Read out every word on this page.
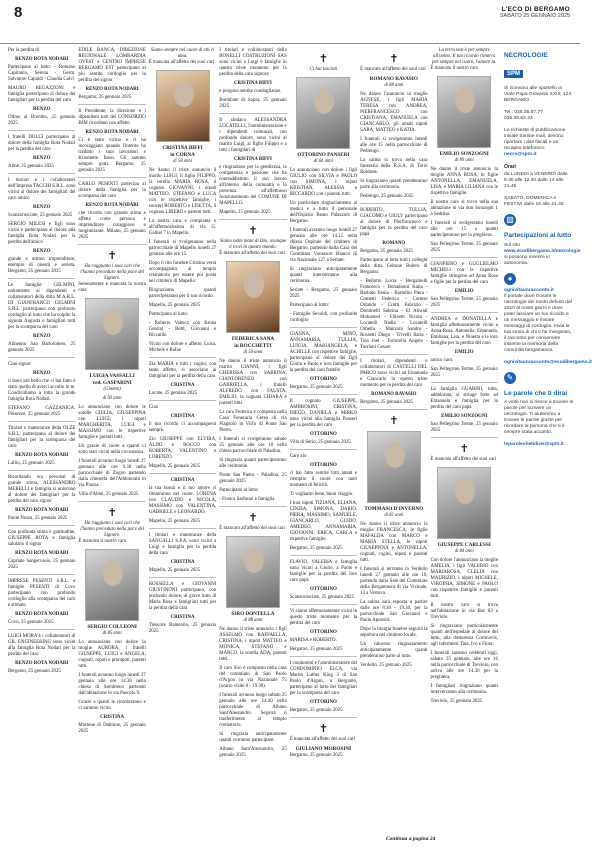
8	L'ECO DI BERGAMO
SABATO 25 GENNAIO 2025

Per la perdita di

RENZO ROTA NODARI

Partecipano al lutto: - Romano Capitanio, Serena - Gesm. Salvatore Capaldi - Claudia Calvi

MAURO REGAZZONI e famiglia partecipano al dolore dei famigliari per la perdita del caro

RENZO

Ollmo al Brembo, 25 gennaio 2025

I fratelli DOLCI partecipano al dolore della famiglia Rota Nodari per la perdita del caro

RENZO

Almè, 25 gennaio 2025

I titolari e i collaboratori dell'Impresa TACCHI S.R.L. sono vicini al dolore dei famigliari del caro amico

RENZO

Scanzorosciate, 25 gennaio 2025

SERGIO MILESI e figli sono vicini e partecipano al dolore alla famiglia Rota Nodari per la perdita dell'amico

RENZO

grande e ottimo imprenditore, esempio di onestà e serietà. Bergamo, 25 gennaio 2025

Le famiglie GELMINI, unitamente ai dipendenti e collaboratori della ditta M.A.R.L. DI GIANFRANCO GELMINI S.R.L. partecipano con profondo cordoglio al lutto che ha colpito la signora Augusta e famigliari tutti per la scomparsa del caro

RENZO

Almenno San Bartolomeo, 25 gennaio 2025

Ciao signor

RENZO

il dono più bello che ci hai fatto è stato quello di averci accolto in te. Condividiamo a tutta la grande famiglia Rota Nodari.

STEFANO GAZZANIGA. Presezzo, 25 gennaio 2025

Titolari e maestranze della OLZE S.R.L. partecipano al dolore dei famigliari per la scomparsa del caro

RENZO ROTA NODARI

Lallio, 25 gennaio 2025

Ricordando ora personal di grande stima, ALESSANDRO MERELLI e famiglia si uniscono al dolore dei famigliari per la perdita del caro signor

RENZO ROTA NODARI

Ponte Nossa, 25 gennaio 2025

Con profonda stima e gratitudine, GIUSEPPE ROTA e famiglia salutano il signor

RENZO ROTA NODARI

Capriate Sangervasio, 25 gennaio 2025

IMPRESE PESENTI S.R.L. e famiglie PESENTI di Covo partecipano con profondo cordoglio alla scomparsa del caro e stimato

RENZO ROTA NODARI

Covo, 25 gennaio 2025

LUIGI MORA e i collaboratori di GIL ENGINEERING sono vicini alla famiglia Rota Nodari per la perdita del caro

RENZO ROTA NODARI

Bergamo, 25 gennaio 2025

EDILE BANCA, DIREZIONE REGIONALE LOMBARDIA OVEST e CENTRO IMPRESE BERGAMO EST partecipano al più sentito cordoglio per la perdita del signor

RENZO ROTA NODARI

Bergamo, 25 gennaio 2025

Il Presidente, la direzione e i dipendenti tutti del CONSORZIO BIM ricordano con affetto

RENZO ROTA NODARI

Ci è stato vicino e ci ha incoraggiato quando l'intento ha tradotto i suoi lavoratori e Kilometre fosso. Gli saremo sempre grati. Bergamo, 25 gennaio 2025

CARLO PESENTI partecipa al dolore della famiglia per la scomparsa del caro

RENZO ROTA NODARI

che ricorda con grande stima e affetto come persona e imprenditore coraggioso e lungimirante. Milano, 25 gennaio 2025

✝
Ha raggiunto i suoi cari che l'hanno preceduto nella pace del Signore.

Serenamente è mancata la nostra cara

LUIGIA VASSALLI
ved. GASPARINI
(Ginetta)
di 93 anni

Lo annunciano con dolore le sorelle GIULIA, GIUSEPPINA con LUIGI, i nipoti MARGHERITA, LUIGI e MASSIMO con le rispettive famiglie e parenti tutti.

Un grazie di cuore a quanti ci sono stati vicini nella circostanza.

I funerali avranno luogo lunedì 27 gennaio alle ore 9.30 nella parrocchiale di Zogno partendo dalla chiesetta dell'Addolorata in via Piazza.

Villa d'Almè, 25 gennaio 2025

✝
Ha raggiunto i suoi cari che l'hanno preceduto nella pace del Signore.

È mancato il nostro caro

SERGIO COLLEONI
di 85 anni

Lo annunciano con dolore la moglie AURORA, i fratelli GIUSEPPE, LUIGI e ANGELA, cognati, nipoti e pronipoti, parenti tutti.

I funerali avranno luogo lunedì 27 gennaio alle ore 14.30 nella chiesa di Sombreno partendo dall'abitazione in via Pascolo 9.

Grazie a quanti le ricorderanno e ci saranno vicini.

CRISTINA

Martone di Dalmine, 25 gennaio 2025

Siamo sempre nel cuore di chi ci ama.

È mancata all'affetto dei suoi cari

CRISTINA BIFFI
in CORNA
di 58 anni

Ne danno il triste annuncio il marito LUIGI, il figlio FILIPPO, la sorella MARIA ROSA, il cognato GIOVANNI, i nipoti MATTEO, STEFANO e LUCA con le rispettive famiglie, i suoceri ROBERTO e LISETTA, il cognato LIBERO e parenti tutti.

La nostra cara e compianta e all'affettuosissima di via G. Galilei 7 in Mapello.

I funerali si svolgeranno nella parrocchiale di Mapello lunedì 27 gennaio alle ore 15.

Dopo il rito funebre Cristina verrà accompagnata al tempio crematorio per essere poi posta nel cimitero di Mapello.

Ringraziamo quanti parteciperanno per il suo ricordo.

Mapello, 25 gennaio 2025

Partecipano al lutto:

- Roberto Vaitecz con Bruna Gentini - Bettì, Giovanni e Riccardo

Vicini con dolore e affetto, Luisa, Michele e Rafae

Zia MARIA e tutti i cugini, con tanto affetto, si associano ai famigliari per la perdita della cara

CRISTINA

Locate, 25 gennaio 2025

Ciao

CRISTINA

il tuo ricordo ci accompagnerà sempre.

Zio GIUSEPPE con ELVIRA, ALDO e ROCCO con ROBERTA, VALENTINO e LORENZO.

Mapello, 25 gennaio 2025

CRISTINA

la tua bontà e il tuo amore ci rimarranno nel cuore. LORENA con CLAUDIO e NICOLA, MASSIMO con VALENTINA, GABRIELE e LEONARDO.

Mapello, 25 gennaio 2025

I titolari e maestranze della SANGALLI S.P.A. sono vicini a Luigi e famiglia per la perdita della cara

CRISTINA

Mapello, 25 gennaio 2025

ROSSELLA e GIOVANNI GIUSTINONI partecipano, con profondo dolore, al grave lutto di Maria Rosa e famigliari tutti per la perdita della cara

CRISTINA

Trescore Balneario, 25 gennaio 2025

I titolari e collaboratori della BONELLI COSTRUZIONI SAS sono vicini a Luigi e famiglie in questo triste momento per la perdita della cara signora

CRISTINA BIFFI

e porgono sentite condoglianze.

Brembate di Sopra, 25 gennaio 2025

Il sindaco ALESSANDRA LOCATELLI, l'amministrazione e i dipendenti comunali, con profondo dolore, sono vicini al marito Luigi, al figlio Filippo e a tutti i famigliari di

CRISTINA BIFFI

e ringraziano per la gentilezza, la competenza e passione che ha contraddistinto il suo lavoro all'interno della comunità e la presenza all'affettuoso funzionamento del COMUNE DI MAPELLO.

Mapello, 25 gennaio 2025

✝
Siamo nelle mani di Dio, ovunque ti trovi in questo mondo.

È mancato all'affetto dei suoi cari

FEDERICA SANA
in ROCCHETTI
di 56 anni

Ne danno il triste annuncio il marito GIANNI, i figli GHERISSA con SABRINA, GIANLORENZO con GABRIELLA, i fratelli ALFREDO con FAUSTA, EMILIO, la cognata CHIARA e parenti tutti.

La cara Federica è composta nella Casa Funeraria Cerea di via Piagnolo in Vill'o di Ponte San Pietro.

I funerali si svolgeranno sabato 25 gennaio alle ore 10 nella chiesa parrocchiale di Paladina.

Si ringrazia quanti parteciperanno alle cerimonie.

Ponte San Pietro - Paladina, 25 gennaio 2025

Partecipano al lutto:

- Franca Sarfonni e famiglia

✝

È mancato all'affetto dei suoi cari

SIRO DONTELLA
di 88 anni

Ne danno il triste annuncio i figli ASSELMO con RAFFAELLA, CRISTINA, i nipoti MATTEO e MONICA, STEFANO e MARCO, la sorella ADA, parenti tutti.

Il caro Siro è composto nella casa del commiato di San Paolo d'Argon in via Nazionale 75 (orario visite 8 - 19.30).

I funerali avranno luogo sabato 25 gennaio alle ore 14.30 nella parrocchiale di Albano Sant'Alessandro. Seguirà il trasferimento al tempio crematorio.

Si ringrazia anticipatamente quanti vorranno partecipare.

Albano Sant'Alessandro, 25 gennaio 2025

✝
Ci hai lasciati
OTTORINO PANSERI
di 64 anni

Lo annunciano con dolore i figli GIULIO con SILVIA e PAOLO con SIMONA, i nipoti KRISTIAN, ALESSIA e RICCARDO con i parenti tutti.

Un particolare ringraziamento ai medici e a tutto il personale dell'Ospizio Beato Palazzolo di Bergamo.

I funerali avranno luogo lunedì 27 gennaio alle ore 14.15 nella chiesa Ospitale del cimitero di Bergamo, partendo dalla Casa del Commiato Vavassori Bianco di via Nazionale 127 a Seriate.

Si ringraziano anticipatamente quanti interverranno alla cerimonia.

Seriate - Bergamo, 25 gennaio 2025

Partecipano al lutto:

- Famiglie Sevoldi, con profondo cordoglio

GIANNA, MINO, ANNAMARIA, TULLIA, LUIGIA, MARIANGELA, e ACHILLE con rispettive famiglie, partecipano al dolore dei figli Giulio e Paolo e loro famiglie per la perdita del caro fratello

OTTORINO

Bergamo, 25 gennaio 2025

Il cognato GIUSEPPE, AMBROSINI, CRISTINA, DIEGO, DANIELA e MIRKO sono vicini alla famiglia Panseri per la perdita del caro

OTTORINO

Villa di Serio, 25 gennaio 2025

Caro zio

OTTORINO

ci hai fatto sentire tutti amati e riempito il cuore con tanti momenti di felicità.

Ti vogliamo bene, buon viaggio.

I tuoi nipoti TIZIANA, ELIANA, CINZIA, SIMONA, DARIO, PIERA, MASSIMO, SAMUELE, GIANCARLO, GUIDO, AMEDEO, ANNAMARIA, GIOVANNI, ERICA, CARLA e rispettive famiglie.

Bergamo, 25 gennaio 2025

FLAVIO, VALERIA e famiglia sono vicini a Giulio, a Paolo e famiglie per la perdita del loro caro papà

OTTORINO

Scanzorosciate, 25 gennaio 2025

Vi siamo affettuosamente vicini in questo triste momento per la perdita del caro

OTTORINO

MARISA e ROBERTO.

Bergamo, 25 gennaio 2025

I condomini e l'amministratore del CONDOMINIO ELCA, via Martin Luther King 3 di San Paolo d'Argon, a Bergamo, partecipano al lutto dei famigliari per la scomparsa del caro

OTTORINO

Bergamo, 25 gennaio 2025

✝

È mancata all'affetto dei suoi cari

GIULIANO MOROSINI

Bergamo, 25 gennaio 2025

✝

È mancato all'affetto dei suoi cari

ROMANO RAVASIO
di 88 anni

Ne danno l'annuncio la moglie AGNESE, i figli MARIA TERESA con ANDREA, PIERFRANCESCO con CRISTIANA, EMANUELA con GIANCARLO, gli amati nipoti SARA, MATTEO e KATIA.

I funerali si svolgeranno lunedì alle ore 15 nella parrocchiale di Pedrengo.

La salma si trova nella casa funeraria della R.S.A. di Torre Boldone.

Si ringraziano quanti prenderanno parte alla cerimonia.

Pedrengo, 25 gennaio 2025

ROBERTO, TULLIA, GIACOMO e GIULY partecipano al dolore di Pierfrancesco e famiglia per la perdita del caro papà

ROMANO

Bergamo, 25 gennaio 2025

Partecipano al lutto tutti i colleghi della ditta Celtone Bolero di Bergamo:

- Bellotto Lucia - Bergamelli Francesco - Bonadonni Katia - Barbato Ilenia - Bartolini Piera - Cometti Federica - Cortese Orlando - Crotti Fabrizio - Dominelli Sabrina - El Ahwali Mohamed - Filisetti Nicola - Locatelli Nadia - Locatelli Ornella - Manzoni Sandro - Rossetti Diego - Trivelli Ilaria - Tola Joel - Tortorella Angelo - Turriani Cesare

I titolari, dipendenti e collaboratori di CASTELLI DEL PARCO sono vicini ad Emanuela e Giancarlo in questo triste momento per la perdita del caro

ROMANO RAVASIO

Bergamo, 25 gennaio 2025

✝
TOMMASO D'INVERNO
di 82 anni

Ne danno il triste annuncio la moglie FRANCESCA, le figlie MAFALDA con MARCO e MARIA STELLA, le nipoti GIUSEPPINA e ANTONELLA, cognati, cugini, nipoti e parenti tutti.

I funerali si terranno in Verdello lunedì 27 gennaio alle ore 10, partendo dalla Sale del Commiato della Bergamasca di via Vicinale, 13 a Vertova.

La salma sarà esposta a partire dalle ore 8.30 - 19.30, per la parrocchiale San Giovanni e Paolo Apostoli.

Dopo la liturgia funebre seguirà la sepoltura nel cimitero locale.

Un caloroso ringraziamento anticipatamente quanti prenderanno parte al lutto.

Verdello, 25 gennaio 2025

La terra non è per sempre all'uomo. Il tuo ricordo rimarrà per sempre nel cuore, l'amore tu.

È mancato il nostro caro

EMILIO SONZOGNI
di 89 anni

Ne danno il triste annuncio la moglie ANNA ROSA, le figlie ANTONELLA, EMANUELA, LISA, e MARIA LILIANA con le rispettive famiglie.

Il nostro caro si trova nella sua abitazione in via don Sonzogni 1 a Sedrina.

I funerali si svolgeranno lunedì alle ore 15 a quanti parteciperanno per la preghiera.

San Pellegrino Terme, 25 gennaio 2025

GIANPIERO e GUGLIELMO MICHELI con le rispettive famiglie stringono ad Anna Rosa e figlie per la perdita del caro

EMILIO

San Pellegrino Terme, 25 gennaio 2025

ANDREA e DONATELLA e famiglia affettuosamente vicini a Anna Rosa, Antonella, Emanuela, Emiliana, Lisa, e Ninetta e le loro famiglie per la perdita del caro

EMILIO

amico caro.

San Pellegrino Terme, 25 gennaio 2025

La famiglia GUARINI, tutta, addolorata, si stringe forte ad Emanuela e famiglia per la perdita del caro papà

EMILIO SONZOGNI

San Pellegrino Terme, 25 gennaio 2025

✝

È mancato all'affetto dei suoi cari

GIUSEPPE CARLESSI
di 84 anni

Con dolore l'annunciano la moglie AMELIA, i figli VALERIO con MARIAROSA, CLELIA con MAURIZIO, i nipoti MICHELE, VIRGINIA, SIMONE e PAOLO con rispettive famiglie e parenti tutti.

Il nostro caro si trova nell'abitazione in via Bas 83 a Treviolo.

Si ringraziano particolarmente quanti dell'ospedale al dolore del lutto, alla dottoressa Cortinovis, agli infermieri Tina, Ivo e Flora.

I funerali saranno celebrati oggi, sabato 25 gennaio, alle ore 16 nella parrocchiale di Treviolo, con arrivo alle ore 14.30 per la preghiera.

I famigliari ringraziano quanti interverranno alla cerimonia.

Treviolo, 25 gennaio 2025

Continua a pagina 24
NECROLOGIE
SPM
Si ricevono alle sportello in Viale Papa Giovanni XXIII, 124 BERGAMO
Tel.: 035.35.87.77
035.38.63.33
Le richieste di pubblicazione inviate tramite mail, devono riportare i dati fiscali e un recapito telefonico: necro@spm.it
Orari
da LUNEDÌ a VENERDÌ dalle 8.30 alle 12.30 dalle 14 alle 21.45
SABATO, DOMENICA e FESTIVI dalle 16 alle 21.45
▧
Partecipazioni al lutto
Sul sito www.ecodibergamo.it/necrologie si possono inserire in autonomia.
●
ognivitaunracconto.it
Il portale dove trovare le necrologie dei nostri defunti dal 2010 al nostri giorni e dove poter lasciare un tuo ricordo e un messaggio e inviare messaggi di cordoglio. Invia la tua storia di chi ti ha insegnato, il racconto per conservare insieme la memoria della comunità bergamasca.
ognivitaunracconto@ecodibergamo.it
✎
Le parole che ti dirai
A volte non si riesce a trovare le parole per scrivere un necrologio. Ti aiuteremo a trovare le parole giuste per ricordare la persona che ti è sempre stata accanto.
leparolechetidirei@spm.it
